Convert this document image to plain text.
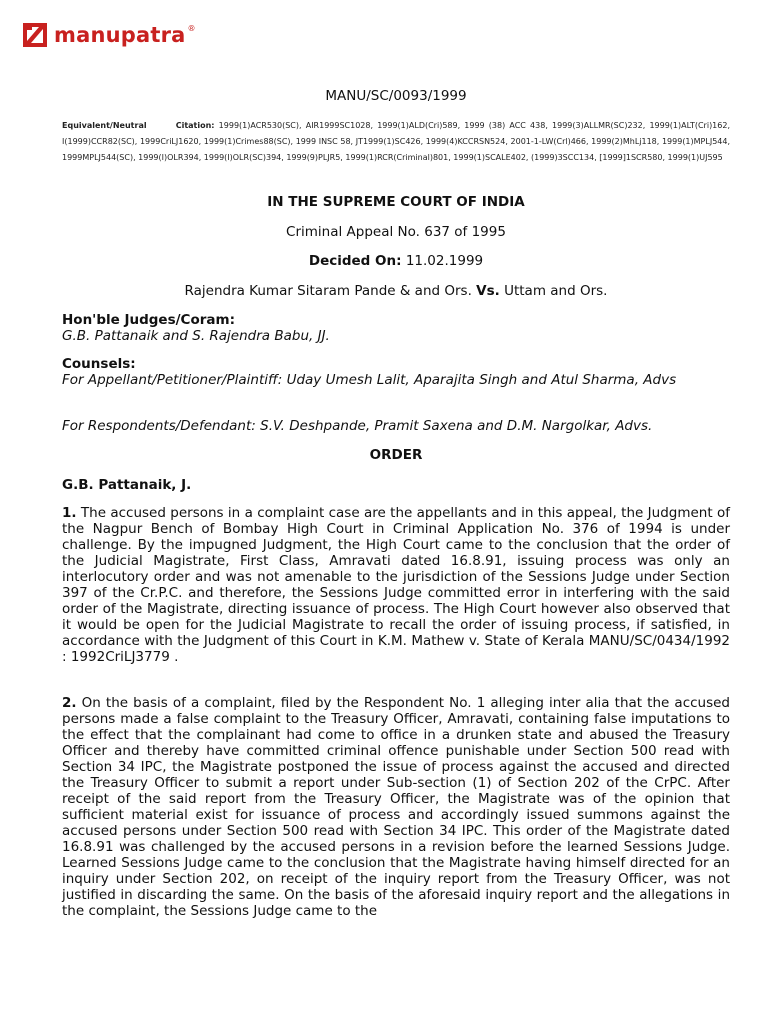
manupatra ®
MANU/SC/0093/1999
Equivalent/Neutral	Citation: 1999(1)ACR530(SC), AIR1999SC1028, 1999(1)ALD(Cri)589, 1999 (38) ACC 438, 1999(3)ALLMR(SC)232, 1999(1)ALT(Cri)162, I(1999)CCR82(SC), 1999CriLJ1620, 1999(1)Crimes88(SC), 1999 INSC 58, JT1999(1)SC426, 1999(4)KCCRSN524, 2001-1-LW(Crl)466, 1999(2)MhLj118, 1999(1)MPLJ544, 1999MPLJ544(SC), 1999(I)OLR394, 1999(I)OLR(SC)394, 1999(9)PLJR5, 1999(1)RCR(Criminal)801, 1999(1)SCALE402, (1999)3SCC134, [1999]1SCR580, 1999(1)UJ595
IN THE SUPREME COURT OF INDIA
Criminal Appeal No. 637 of 1995
Decided On: 11.02.1999
Rajendra Kumar Sitaram Pande & and Ors. Vs. Uttam and Ors.
Hon'ble Judges/Coram:
G.B. Pattanaik and S. Rajendra Babu, JJ.
Counsels:
For Appellant/Petitioner/Plaintiff: Uday Umesh Lalit, Aparajita Singh and Atul Sharma, Advs
For Respondents/Defendant: S.V. Deshpande, Pramit Saxena and D.M. Nargolkar, Advs.
ORDER
G.B. Pattanaik, J.
1. The accused persons in a complaint case are the appellants and in this appeal, the Judgment of the Nagpur Bench of Bombay High Court in Criminal Application No. 376 of 1994 is under challenge. By the impugned Judgment, the High Court came to the conclusion that the order of the Judicial Magistrate, First Class, Amravati dated 16.8.91, issuing process was only an interlocutory order and was not amenable to the jurisdiction of the Sessions Judge under Section 397 of the Cr.P.C. and therefore, the Sessions Judge committed error in interfering with the said order of the Magistrate, directing issuance of process. The High Court however also observed that it would be open for the Judicial Magistrate to recall the order of issuing process, if satisfied, in accordance with the Judgment of this Court in K.M. Mathew v. State of Kerala MANU/SC/0434/1992 : 1992CriLJ3779 .
2. On the basis of a complaint, filed by the Respondent No. 1 alleging inter alia that the accused persons made a false complaint to the Treasury Officer, Amravati, containing false imputations to the effect that the complainant had come to office in a drunken state and abused the Treasury Officer and thereby have committed criminal offence punishable under Section 500 read with Section 34 IPC, the Magistrate postponed the issue of process against the accused and directed the Treasury Officer to submit a report under Sub-section (1) of Section 202 of the CrPC. After receipt of the said report from the Treasury Officer, the Magistrate was of the opinion that sufficient material exist for issuance of process and accordingly issued summons against the accused persons under Section 500 read with Section 34 IPC. This order of the Magistrate dated 16.8.91 was challenged by the accused persons in a revision before the learned Sessions Judge. Learned Sessions Judge came to the conclusion that the Magistrate having himself directed for an inquiry under Section 202, on receipt of the inquiry report from the Treasury Officer, was not justified in discarding the same. On the basis of the aforesaid inquiry report and the allegations in the complaint, the Sessions Judge came to the
